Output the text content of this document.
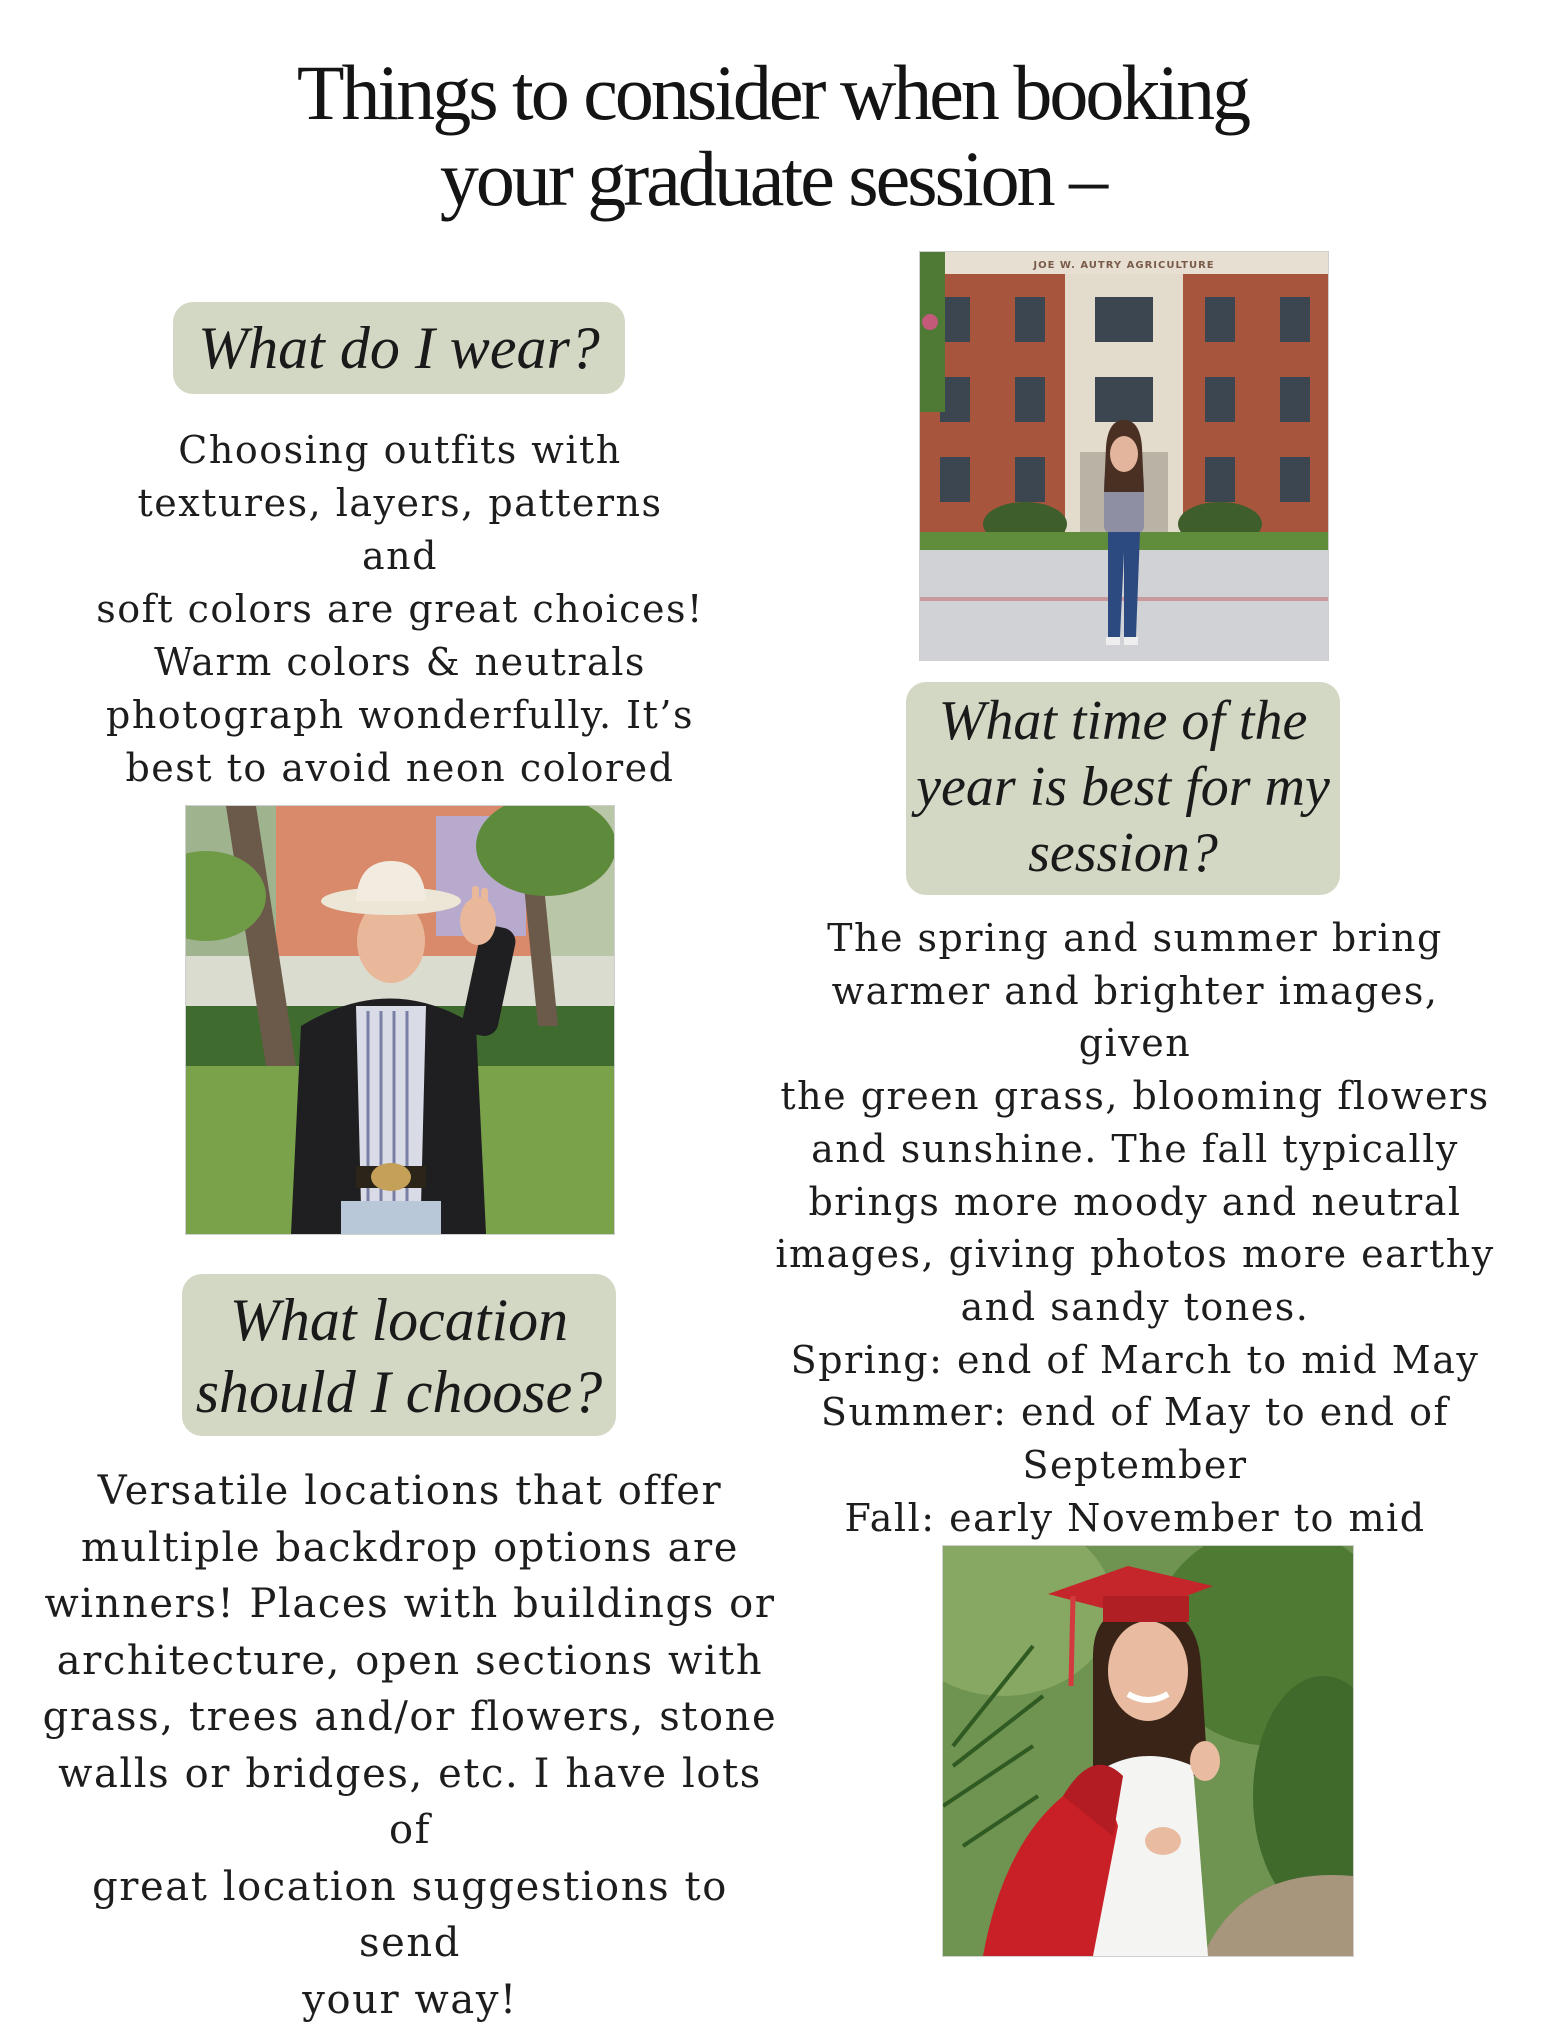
Things to consider when booking
your graduate session –
What do I wear?
Choosing outfits with
textures, layers, patterns and
soft colors are great choices!
Warm colors & neutrals
photograph wonderfully. It’s
best to avoid neon colored
What location
should I choose?
Versatile locations that offer
multiple backdrop options are
winners! Places with buildings or
architecture, open sections with
grass, trees and/or flowers, stone
walls or bridges, etc. I have lots of
great location suggestions to send
your way!
JOE W. AUTRY AGRICULTURE
What time of the
year is best for my
session?
The spring and summer bring
warmer and brighter images, given
the green grass, blooming flowers
and sunshine. The fall typically
brings more moody and neutral
images, giving photos more earthy
and sandy tones.
Spring: end of March to mid May
Summer: end of May to end of
September
Fall: early November to mid
